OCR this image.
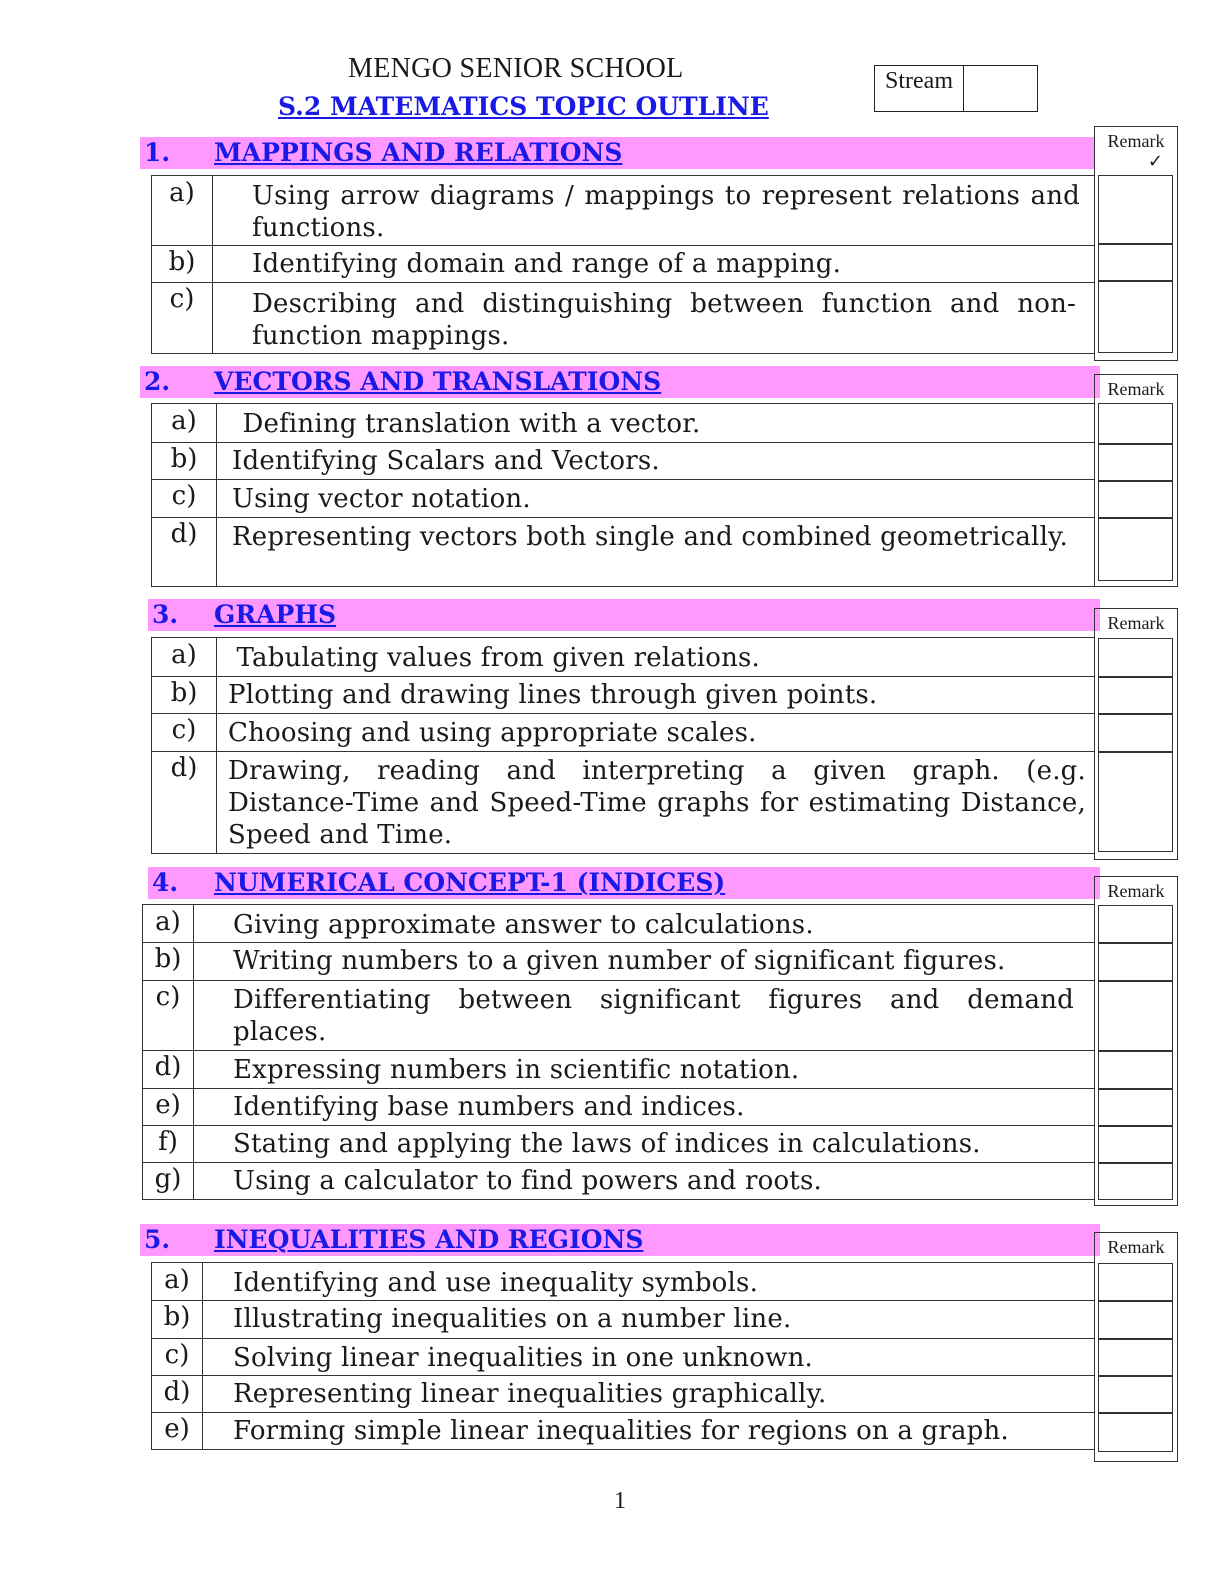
MENGO SENIOR SCHOOL
S.2 MATEMATICS TOPIC OUTLINE
Stream
1. MAPPINGS AND RELATIONS
a)	Using arrow diagrams / mappings to represent relations and functions.
b)	Identifying domain and range of a mapping.
c)	Describing and distinguishing between function and non-function mappings.
Remark
✓
2. VECTORS AND TRANSLATIONS
a)	Defining translation with a vector.
b)	Identifying Scalars and Vectors.
c)	Using vector notation.
d)	Representing vectors both single and combined geometrically.
Remark
3. GRAPHS
a)	Tabulating values from given relations.
b)	Plotting and drawing lines through given points.
c)	Choosing and using appropriate scales.
d)	Drawing, reading and interpreting a given graph. (e.g. Distance-Time and Speed-Time graphs for estimating Distance, Speed and Time.
Remark
4. NUMERICAL CONCEPT-1 (INDICES)
a)	Giving approximate answer to calculations.
b)	Writing numbers to a given number of significant figures.
c)	Differentiating between significant figures and demand places.
d)	Expressing numbers in scientific notation.
e)	Identifying base numbers and indices.
f)	Stating and applying the laws of indices in calculations.
g)	Using a calculator to find powers and roots.
Remark
5. INEQUALITIES AND REGIONS
a)	Identifying and use inequality symbols.
b)	Illustrating inequalities on a number line.
c)	Solving linear inequalities in one unknown.
d)	Representing linear inequalities graphically.
e)	Forming simple linear inequalities for regions on a graph.
Remark
1
